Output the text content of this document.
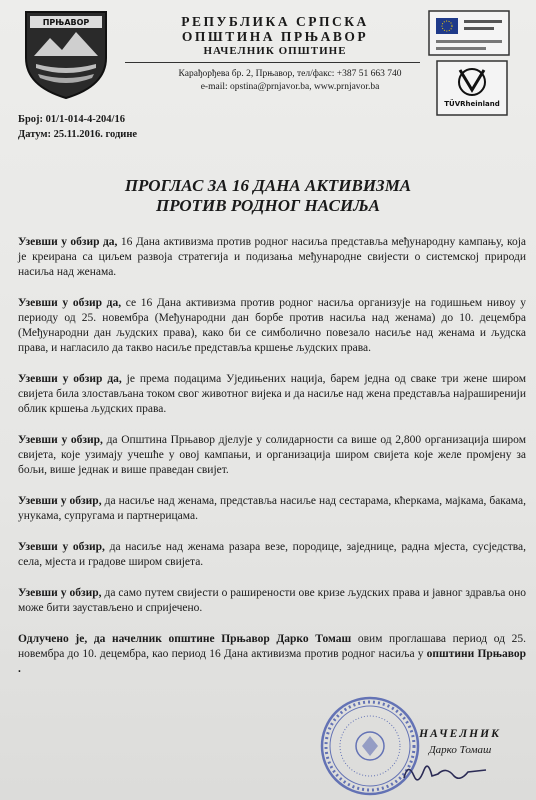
ПРЊАВОР	РЕПУБЛИКА СРПСКА
ОПШТИНА ПРЊАВОР
НАЧЕЛНИК ОПШТИНЕ
Карађорђева бр. 2, Прњавор, тел/факс: +387 51 663 740
e-mail: opstina@prnjavor.ba, www.prnjavor.ba
TÜVRheinland
Број: 01/1-014-4-204/16
Датум: 25.11.2016. године
ПРОГЛАС ЗА 16 ДАНА АКТИВИЗМА
ПРОТИВ РОДНОГ НАСИЉА

Узевши у обзир да, 16 Дана активизма против родног насиља представља међународну кампању, која је креирана са циљем развоја стратегија и подизања међународне свијести о системској природи насиља над женама.

Узевши у обзир да, се 16 Дана активизма против родног насиља организује на годишњем нивоу у периоду од 25. новембра (Међународни дан борбе против насиља над женама) до 10. децембра (Међународни дан људских права), како би се симболично повезало насиље над женама и људска права, и нагласило да такво насиље представља кршење људских права.

Узевши у обзир да, је према подацима Уједињених нација, барем једна од сваке три жене широм свијета била злостављана током свог животног вијека и да насиље над жена представља најраширенији облик кршења људских права.

Узевши у обзир, да Општина Прњавор дјелује у солидарности са више од 2,800 организација широм свијета, које узимају учешће у овој кампањи, и организација широм свијета које желе промјену за бољи, више једнак и више праведан свијет.

Узевши у обзир, да насиље над женама, представља насиље над сестарама, кћеркама, мајкама, бакама, унукама, супругама и партнерицама.

Узевши у обзир, да насиље над женама разара везе, породице, заједнице, радна мјеста, сусједства, села, мјеста и градове широм свијета.

Узевши у обзир, да само путем свијести о раширености ове кризе људских права и јавног здравља оно може бити заустављено и спријечено.

Одлучено је, да начелник општине Прњавор Дарко Томаш овим проглашава период од 25. новембра до 10. децембра, као период 16 Дана активизма против родног насиља у општини Прњавор .

НАЧЕЛНИК
Дарко Томаш
